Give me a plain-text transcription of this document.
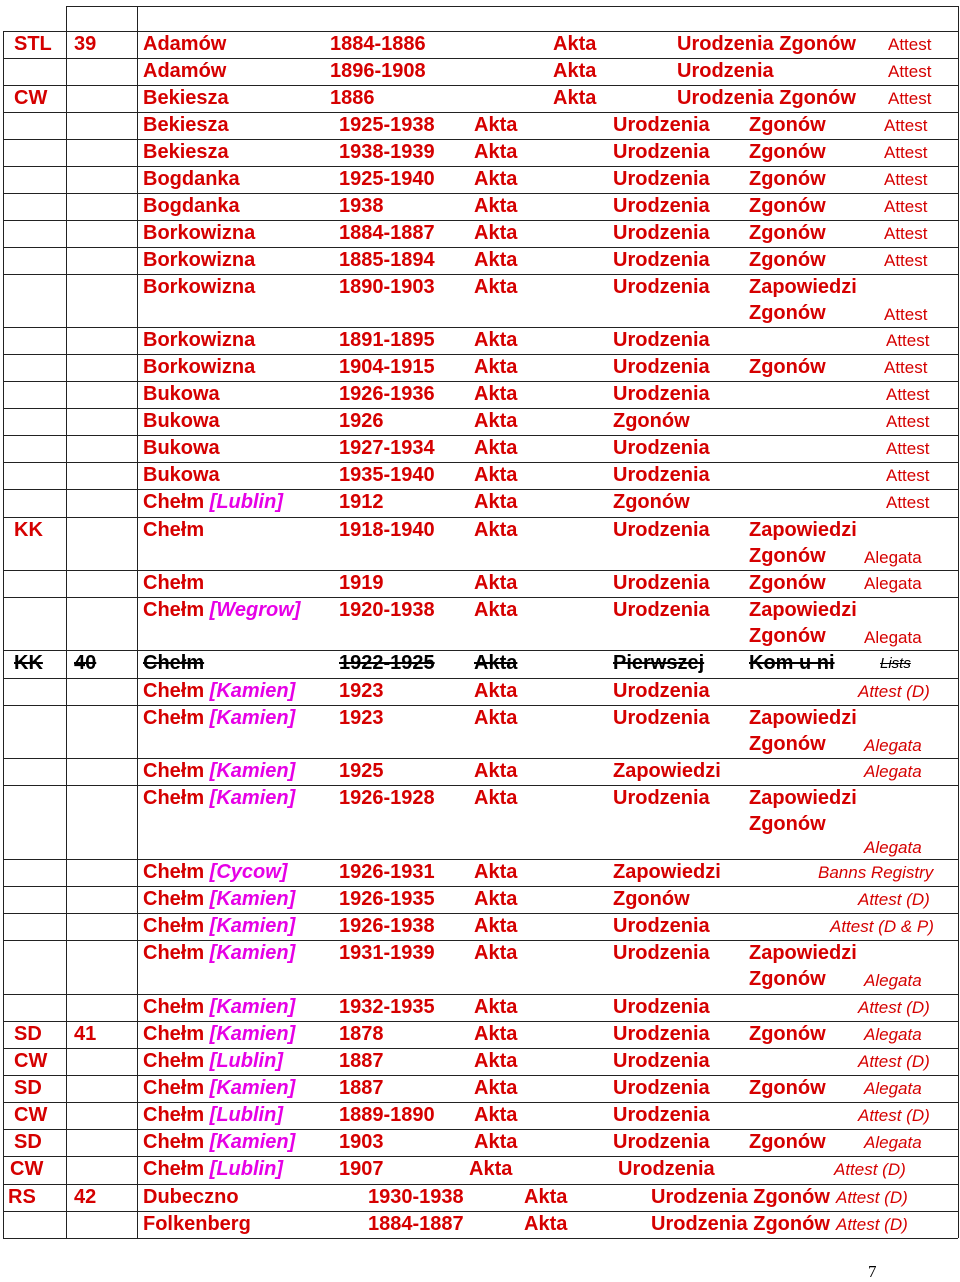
STL 39 Adamów	1884-1886	Akta	Urodzenia Zgonów Attest
Adamów	1896-1908	Akta	Urodzenia	Attest
CW	Bekiesza	1886	Akta	Urodzenia Zgonów Attest
Bekiesza	1925-1938 Akta	Urodzenia Zgonów	Attest
Bekiesza	1938-1939 Akta	Urodzenia Zgonów	Attest
Bogdanka	1925-1940 Akta	Urodzenia Zgonów	Attest
Bogdanka	1938	Akta	Urodzenia Zgonów	Attest
Borkowizna	1884-1887 Akta	Urodzenia Zgonów	Attest
Borkowizna	1885-1894 Akta	Urodzenia Zgonów	Attest
Borkowizna	1890-1903 Akta	Urodzenia Zapowiedzi
Zgonów	Attest
Borkowizna	1891-1895 Akta	Urodzenia	Attest
Borkowizna	1904-1915 Akta	Urodzenia Zgonów	Attest
Bukowa	1926-1936 Akta	Urodzenia	Attest
Bukowa	1926	Akta	Zgonów	Attest
Bukowa	1927-1934 Akta	Urodzenia	Attest
Bukowa	1935-1940 Akta	Urodzenia	Attest
Chełm [Lublin]	1912	Akta	Zgonów	Attest
KK	Chełm	1918-1940 Akta	Urodzenia Zapowiedzi
Zgonów Alegata
Chełm	1919	Akta	Urodzenia Zgonów Alegata
Chełm [Wegrow] 1920-1938 Akta	Urodzenia Zapowiedzi
Zgonów Alegata
KK 40 Chełm	1922-1925 Akta	Pierwszej Kom u ni	Lists
Chełm [Kamien] 1923	Akta	Urodzenia	Attest (D)
Chełm [Kamien] 1923	Akta	Urodzenia Zapowiedzi
Zgonów Alegata
Chełm [Kamien] 1925	Akta	Zapowiedzi	Alegata
Chełm [Kamien] 1926-1928 Akta	Urodzenia Zapowiedzi
Zgonów
Alegata
Chełm [Cycow]	1926-1931 Akta	Zapowiedzi	Banns Registry
Chełm [Kamien] 1926-1935 Akta	Zgonów	Attest (D)
Chełm [Kamien] 1926-1938 Akta	Urodzenia	Attest (D & P)
Chełm [Kamien] 1931-1939 Akta	Urodzenia Zapowiedzi
Zgonów Alegata
Chełm [Kamien] 1932-1935 Akta	Urodzenia	Attest (D)
SD 41 Chełm [Kamien] 1878	Akta	Urodzenia Zgonów Alegata
CW	Chełm [Lublin]	1887	Akta	Urodzenia	Attest (D)
SD	Chełm [Kamien] 1887	Akta	Urodzenia Zgonów Alegata
CW	Chełm [Lublin]	1889-1890 Akta	Urodzenia	Attest (D)
SD	Chełm [Kamien] 1903	Akta	Urodzenia Zgonów Alegata
CW	Chełm [Lublin]	1907	Akta	Urodzenia	Attest (D)
RS 42 Dubeczno	1930-1938	Akta	Urodzenia Zgonów Attest (D)
Folkenberg	1884-1887	Akta	Urodzenia Zgonów Attest (D)
7
